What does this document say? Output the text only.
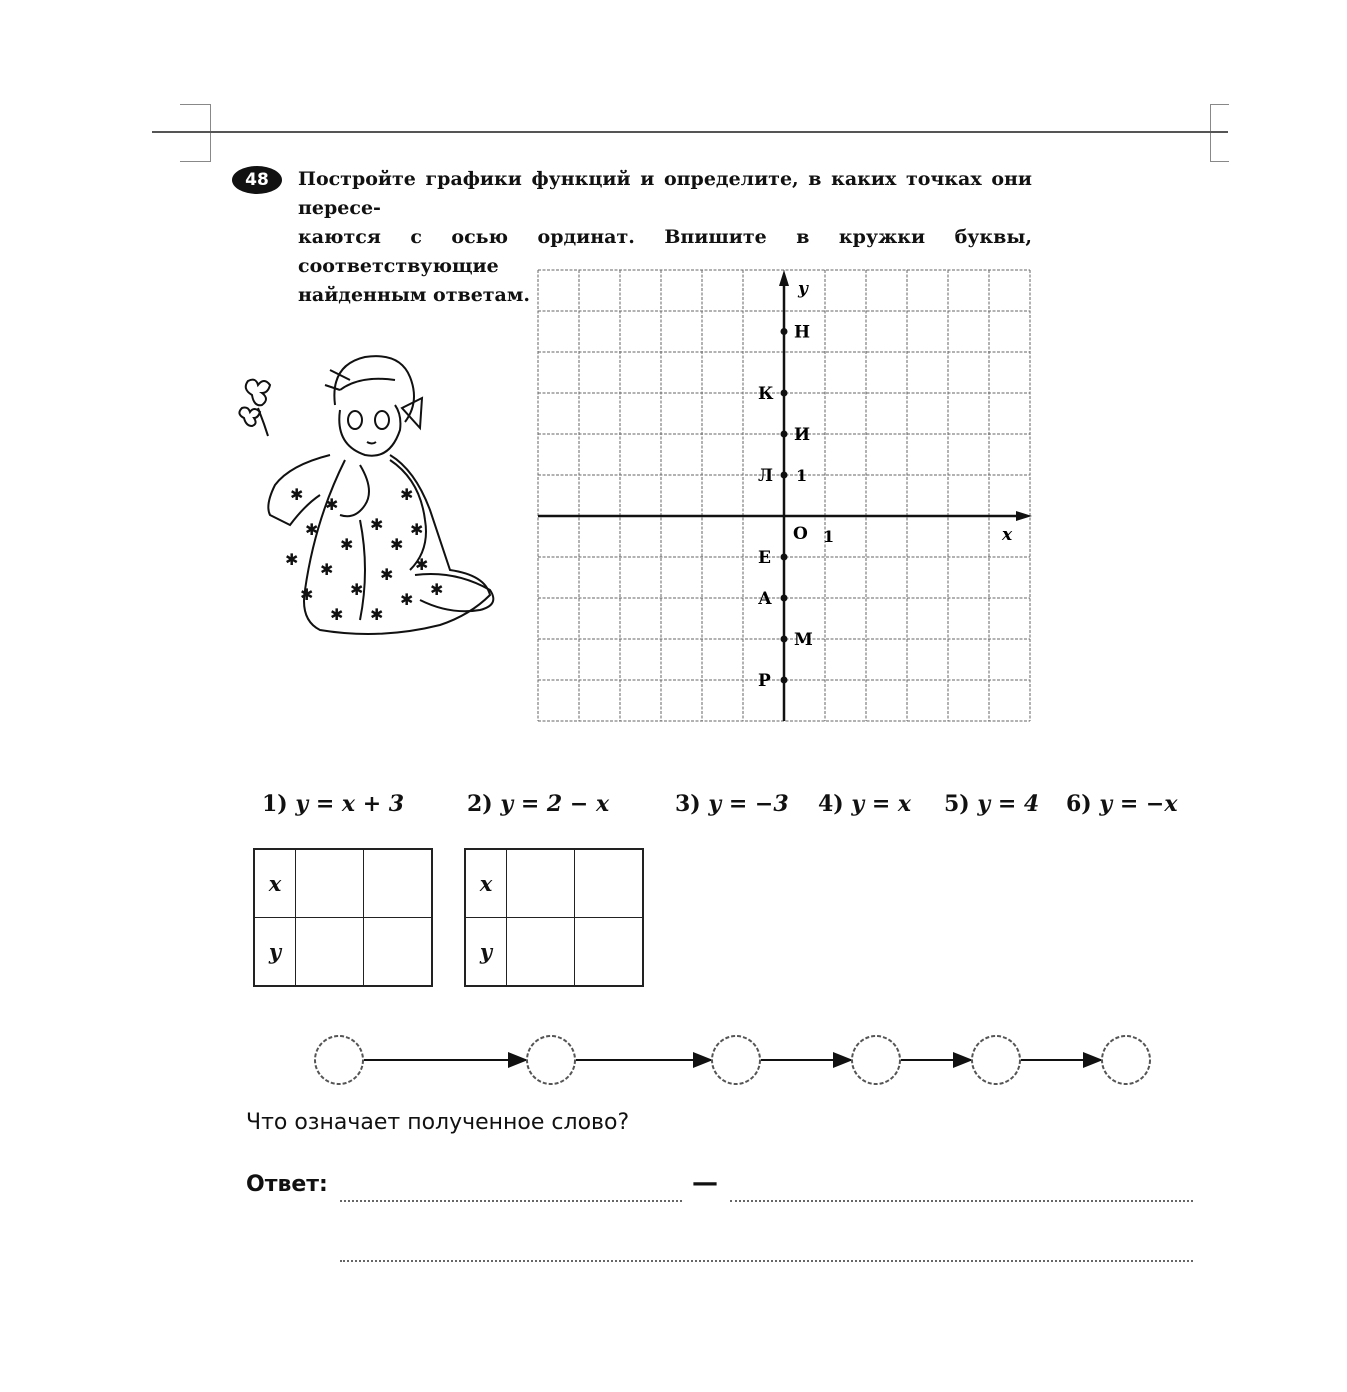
48	Постройте графики функций и определите, в каких точках они пересе-

каются с осью ординат. Впишите в кружки буквы, соответствующие

найденным ответам.

✱
✱
✱
✱
✱
✱
✱
✱
✱
✱
✱
✱
✱
✱ ✱
✱
✱
✱
y
x
O 1
1
Н
К
И
Л
Е
А
М
Р
1) y = x + 3	2) y = 2 − x	3) y = −3 4) y = x 5) y = 4 6) y = −x
x		
y		
x		
y		
Что означает полученное слово?
Ответ:	—
